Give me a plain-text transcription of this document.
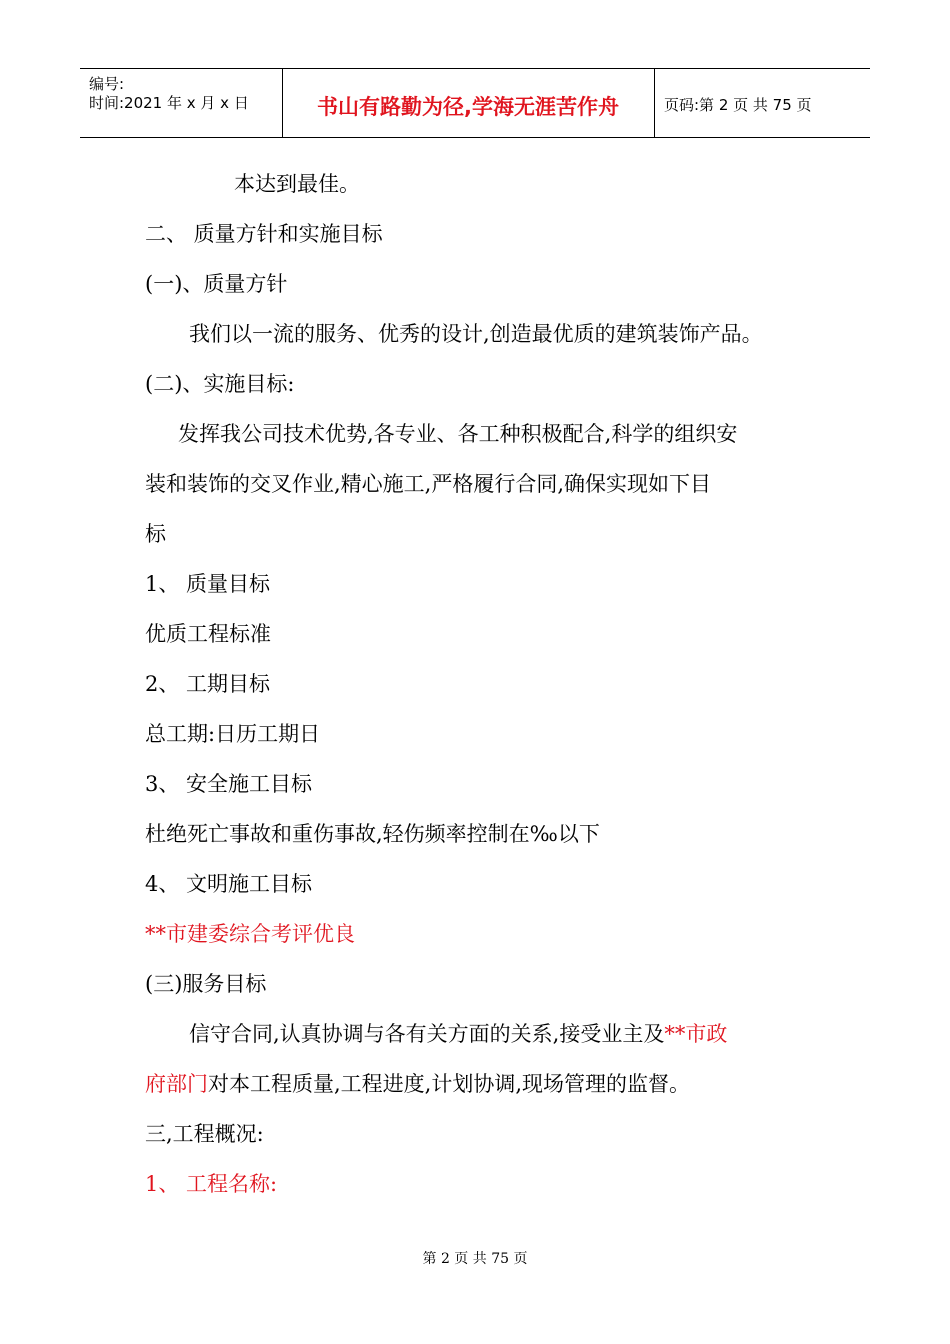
编号:
时间:2021 年 x 月 x 日	书山有路勤为径,学海无涯苦作舟	页码:第 2 页 共 75 页
本达到最佳。
二、 质量方针和实施目标
(一)、质量方针
我们以一流的服务、优秀的设计,创造最优质的建筑装饰产品。
(二)、实施目标:
发挥我公司技术优势,各专业、各工种积极配合,科学的组织安
装和装饰的交叉作业,精心施工,严格履行合同,确保实现如下目
标
1、 质量目标
优质工程标准
2、 工期目标
总工期:日历工期日
3、 安全施工目标
杜绝死亡事故和重伤事故,轻伤频率控制在‰以下
4、 文明施工目标
**市建委综合考评优良
(三)服务目标
信守合同,认真协调与各有关方面的关系,接受业主及**市政
府部门对本工程质量,工程进度,计划协调,现场管理的监督。
三,工程概况:
1、 工程名称:
第 2 页 共 75 页
